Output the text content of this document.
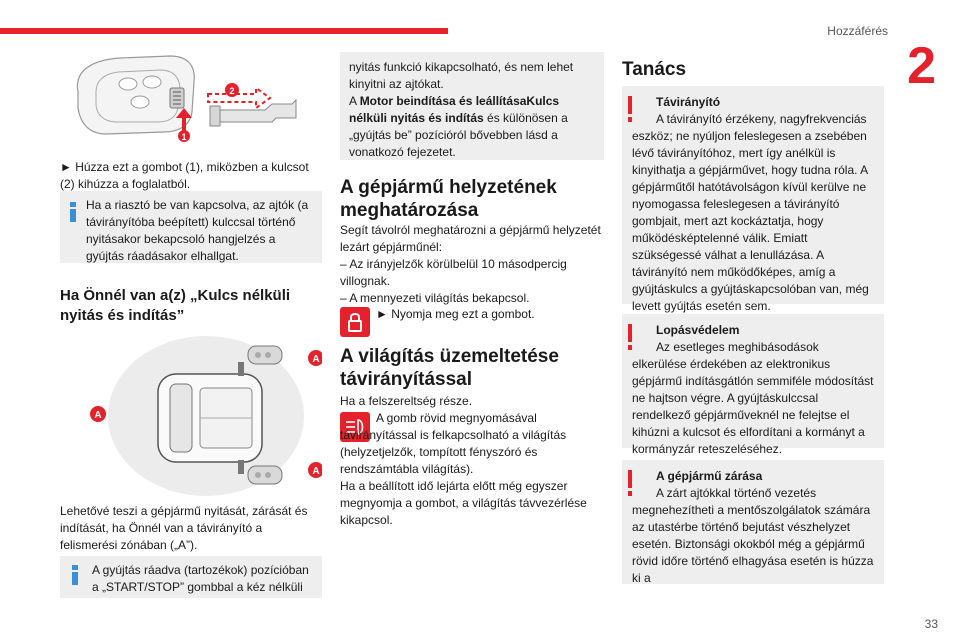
Hozzáférés
2
33
1
2

► Húzza ezt a gombot (1), miközben a kulcsot (2) kihúzza a foglalatból.

Ha a riasztó be van kapcsolva, az ajtók (a távirányítóba beépített) kulccsal történő nyitásakor bekapcsoló hangjelzés a gyújtás ráadásakor elhallgat.
Ha Önnél van a(z) „Kulcs nélküli nyitás és indítás”
A
A
A

Lehetővé teszi a gépjármű nyitását, zárását és indítását, ha Önnél van a távirányító a felismerési zónában („A”).

A gyújtás ráadva (tartozékok) pozícióban a „START/STOP” gombbal a kéz nélküli

nyitás funkció kikapcsolható, és nem lehet kinyitni az ajtókat.

A Motor beindítása és leállításaKulcs nélküli nyitás és indítás és különösen a „gyújtás be” pozícióról bővebben lásd a vonatkozó fejezetet.

A gépjármű helyzetének meghatározása

Segít távolról meghatározni a gépjármű helyzetét lezárt gépjárműnél:

– Az irányjelzők körülbelül 10 másodpercig villognak.

– A mennyezeti világítás bekapcsol.

► Nyomja meg ezt a gombot.

A világítás üzemeltetése távirányítással

Ha a felszereltség része.

A gomb rövid megnyomásával távirányítással is felkapcsolható a világítás (helyzetjelzők, tompított fényszóró és rendszámtábla világítás).

Ha a beállított idő lejárta előtt még egyszer megnyomja a gombot, a világítás távvezérlése kikapcsol.

Tanács
Távirányító
A távirányító érzékeny, nagyfrekvenciás eszköz; ne nyúljon feleslegesen a zsebében lévő távirányítóhoz, mert így anélkül is kinyithatja a gépjárművet, hogy tudna róla. A gépjárműtől hatótávolságon kívül kerülve ne nyomogassa feleslegesen a távirányító gombjait, mert azt kockáztatja, hogy működésképtelenné válik. Emiatt szükségessé válhat a lenullázása. A távirányító nem működőképes, amíg a gyújtáskulcs a gyújtáskapcsolóban van, még levett gyújtás esetén sem.
Lopásvédelem
Az esetleges meghibásodások elkerülése érdekében az elektronikus gépjármű indításgátlón semmiféle módosítást ne hajtson végre. A gyújtáskulccsal rendelkező gépjárműveknél ne felejtse el kihúzni a kulcsot és elfordítani a kormányt a kormányzár reteszeléséhez.
A gépjármű zárása
A zárt ajtókkal történő vezetés megnehezítheti a mentőszolgálatok számára az utastérbe történő bejutást vészhelyzet esetén. Biztonsági okokból még a gépjármű rövid időre történő elhagyása esetén is húzza ki a
